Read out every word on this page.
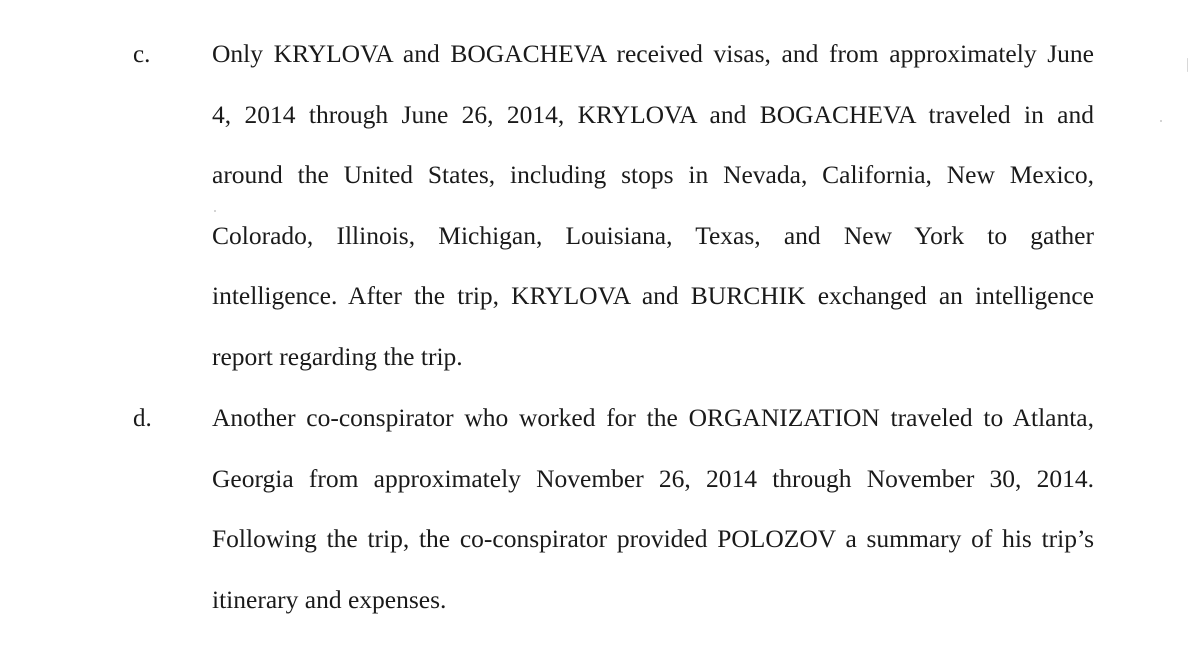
c. Only KRYLOVA and BOGACHEVA received visas, and from approximately June
4, 2014 through June 26, 2014, KRYLOVA and BOGACHEVA traveled in and
around the United States, including stops in Nevada, California, New Mexico,
Colorado, Illinois, Michigan, Louisiana, Texas, and New York to gather
intelligence. After the trip, KRYLOVA and BURCHIK exchanged an intelligence
report regarding the trip.
d. Another co-conspirator who worked for the ORGANIZATION traveled to Atlanta,
Georgia from approximately November 26, 2014 through November 30, 2014.
Following the trip, the co-conspirator provided POLOZOV a summary of his trip’s
itinerary and expenses.
